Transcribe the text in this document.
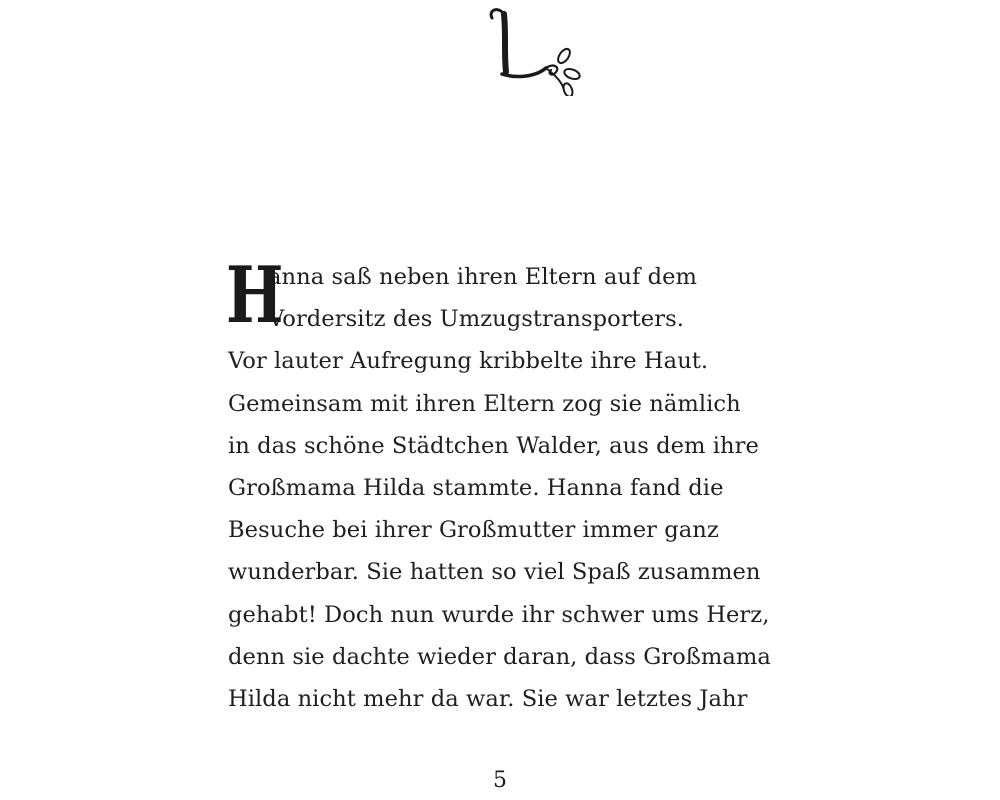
H
anna saß neben ihren Eltern auf dem
Vordersitz des Umzugstransporters.
Vor lauter Aufregung kribbelte ihre Haut.
Gemeinsam mit ihren Eltern zog sie nämlich
in das schöne Städtchen Walder, aus dem ihre
Großmama Hilda stammte. Hanna fand die
Besuche bei ihrer Großmutter immer ganz
wunderbar. Sie hatten so viel Spaß zusammen
gehabt! Doch nun wurde ihr schwer ums Herz,
denn sie dachte wieder daran, dass Großmama
Hilda nicht mehr da war. Sie war letztes Jahr
5
